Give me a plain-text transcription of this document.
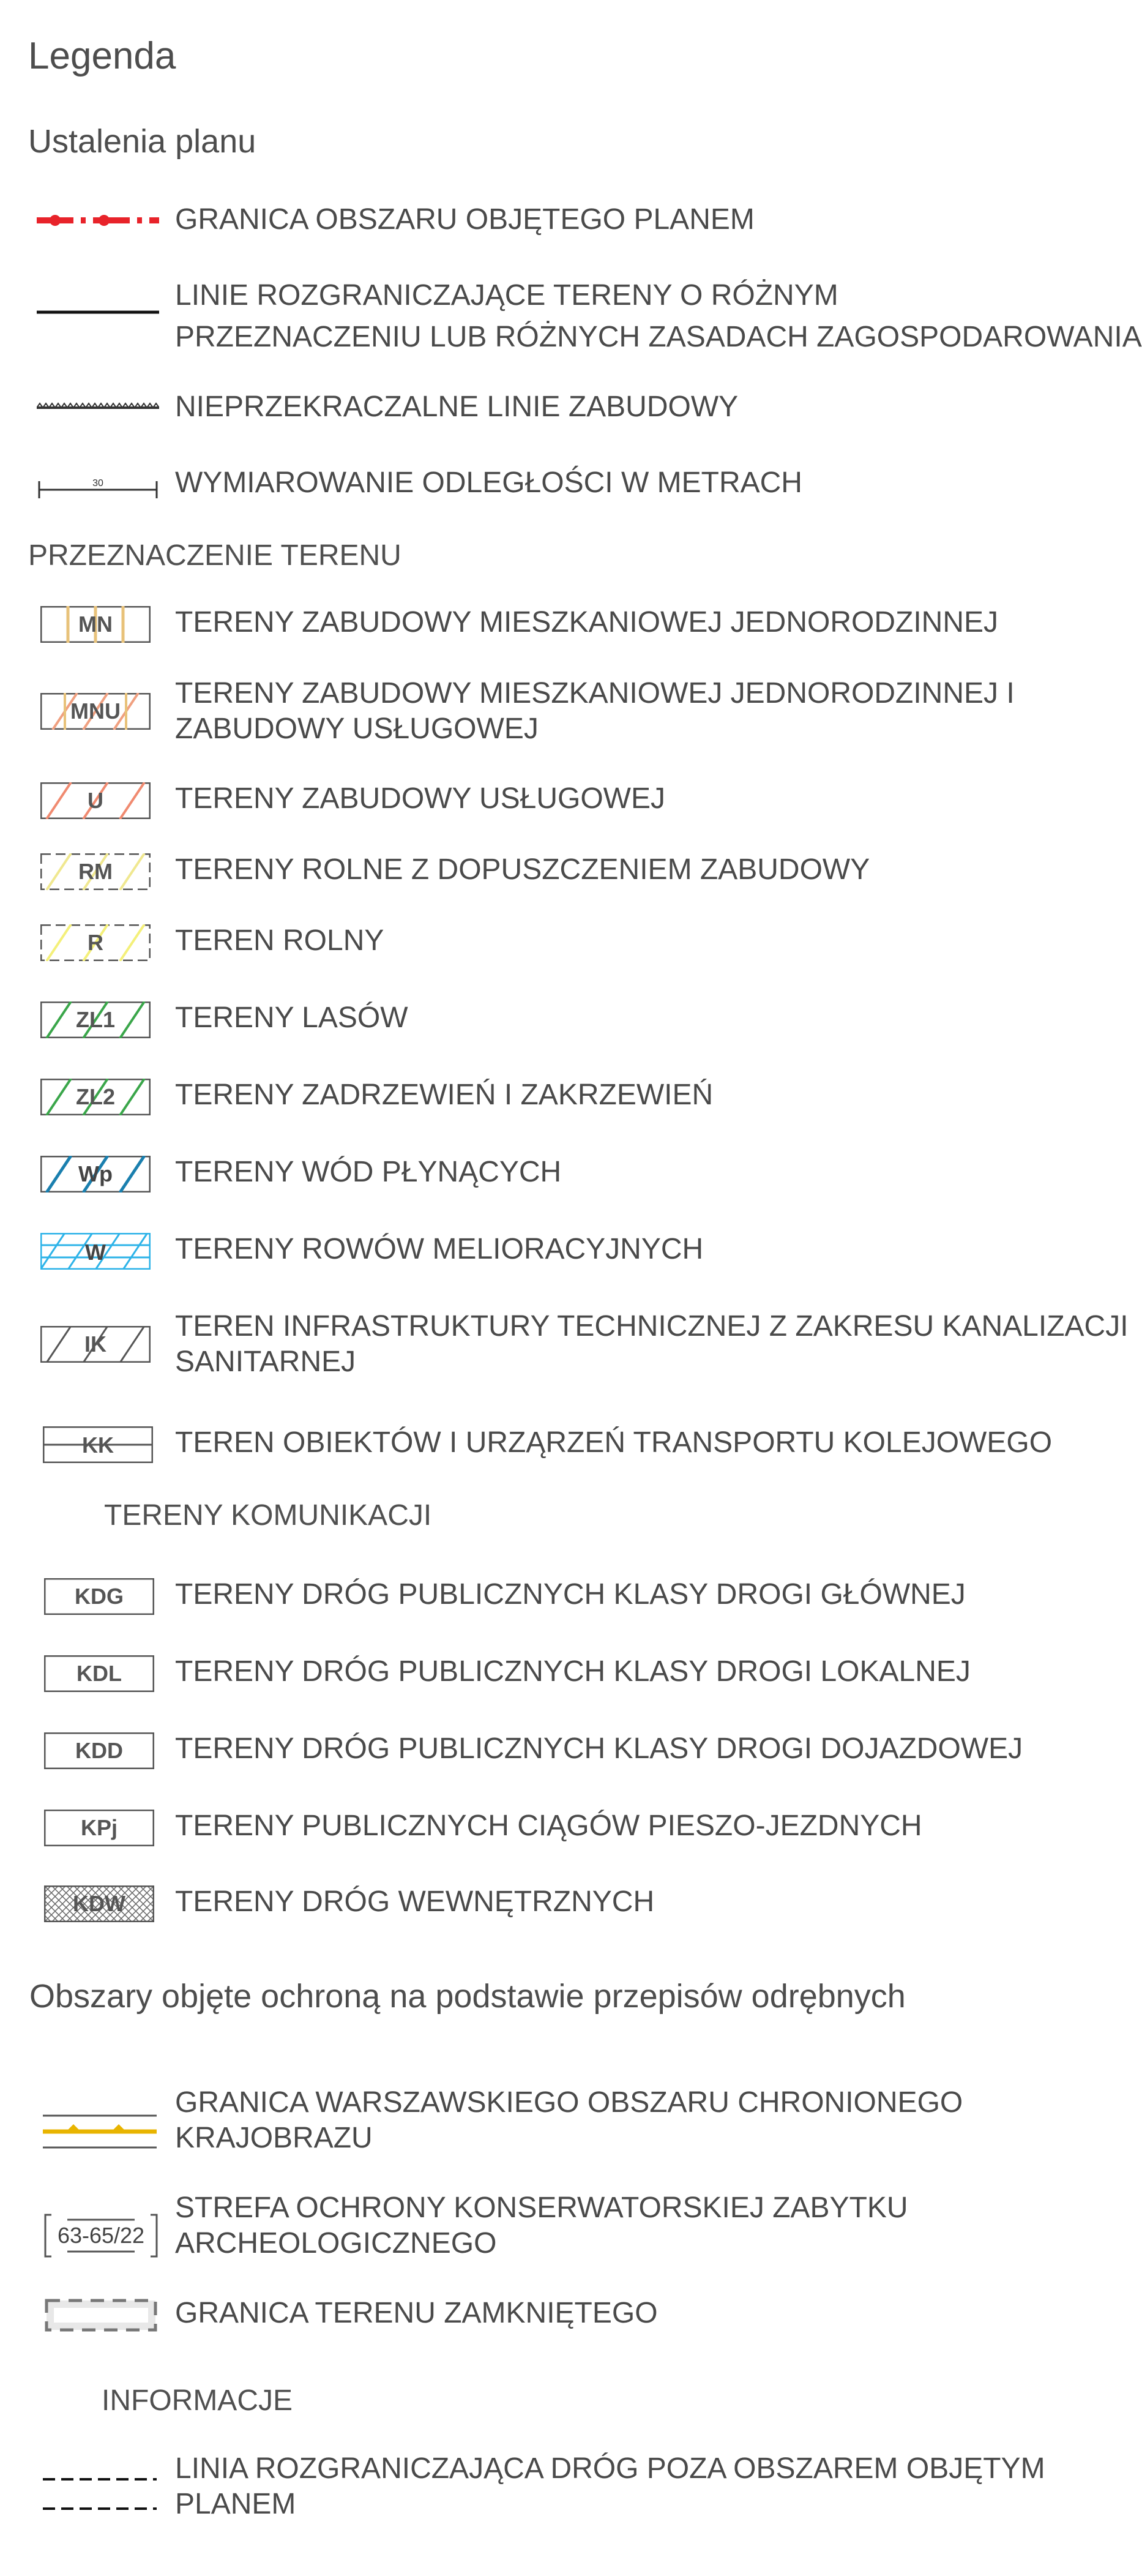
Legenda
Ustalenia planu
GRANICA OBSZARU OBJĘTEGO PLANEM
LINIE ROZGRANICZAJĄCE TERENY O RÓŻNYM
PRZEZNACZENIU LUB RÓŻNYCH ZASADACH ZAGOSPODAROWANIA
NIEPRZEKRACZALNE LINIE ZABUDOWY
30 WYMIAROWANIE ODLEGŁOŚCI W METRACH
PRZEZNACZENIE TERENU
MN TERENY ZABUDOWY MIESZKANIOWEJ JEDNORODZINNEJ
MNU
TERENY ZABUDOWY MIESZKANIOWEJ JEDNORODZINNEJ I
ZABUDOWY USŁUGOWEJ
U TERENY ZABUDOWY USŁUGOWEJ
RM TERENY ROLNE Z DOPUSZCZENIEM ZABUDOWY
R TEREN ROLNY
ZL1 TERENY LASÓW
ZL2 TERENY ZADRZEWIEŃ I ZAKRZEWIEŃ
Wp TERENY WÓD PŁYNĄCYCH
W TERENY ROWÓW MELIORACYJNYCH
IK
TEREN INFRASTRUKTURY TECHNICZNEJ Z ZAKRESU KANALIZACJI
SANITARNEJ
KK TEREN OBIEKTÓW I URZĄRZEŃ TRANSPORTU KOLEJOWEGO
TERENY KOMUNIKACJI
KDG TERENY DRÓG PUBLICZNYCH KLASY DROGI GŁÓWNEJ
KDL TERENY DRÓG PUBLICZNYCH KLASY DROGI LOKALNEJ
KDD TERENY DRÓG PUBLICZNYCH KLASY DROGI DOJAZDOWEJ
KPj TERENY PUBLICZNYCH CIĄGÓW PIESZO-JEZDNYCH
KDW TERENY DRÓG WEWNĘTRZNYCH
Obszary objęte ochroną na podstawie przepisów odrębnych
GRANICA WARSZAWSKIEGO OBSZARU CHRONIONEGO
KRAJOBRAZU
63-65/22
STREFA OCHRONY KONSERWATORSKIEJ ZABYTKU
ARCHEOLOGICZNEGO
GRANICA TERENU ZAMKNIĘTEGO
INFORMACJE
LINIA ROZGRANICZAJĄCA DRÓG POZA OBSZAREM OBJĘTYM
PLANEM
